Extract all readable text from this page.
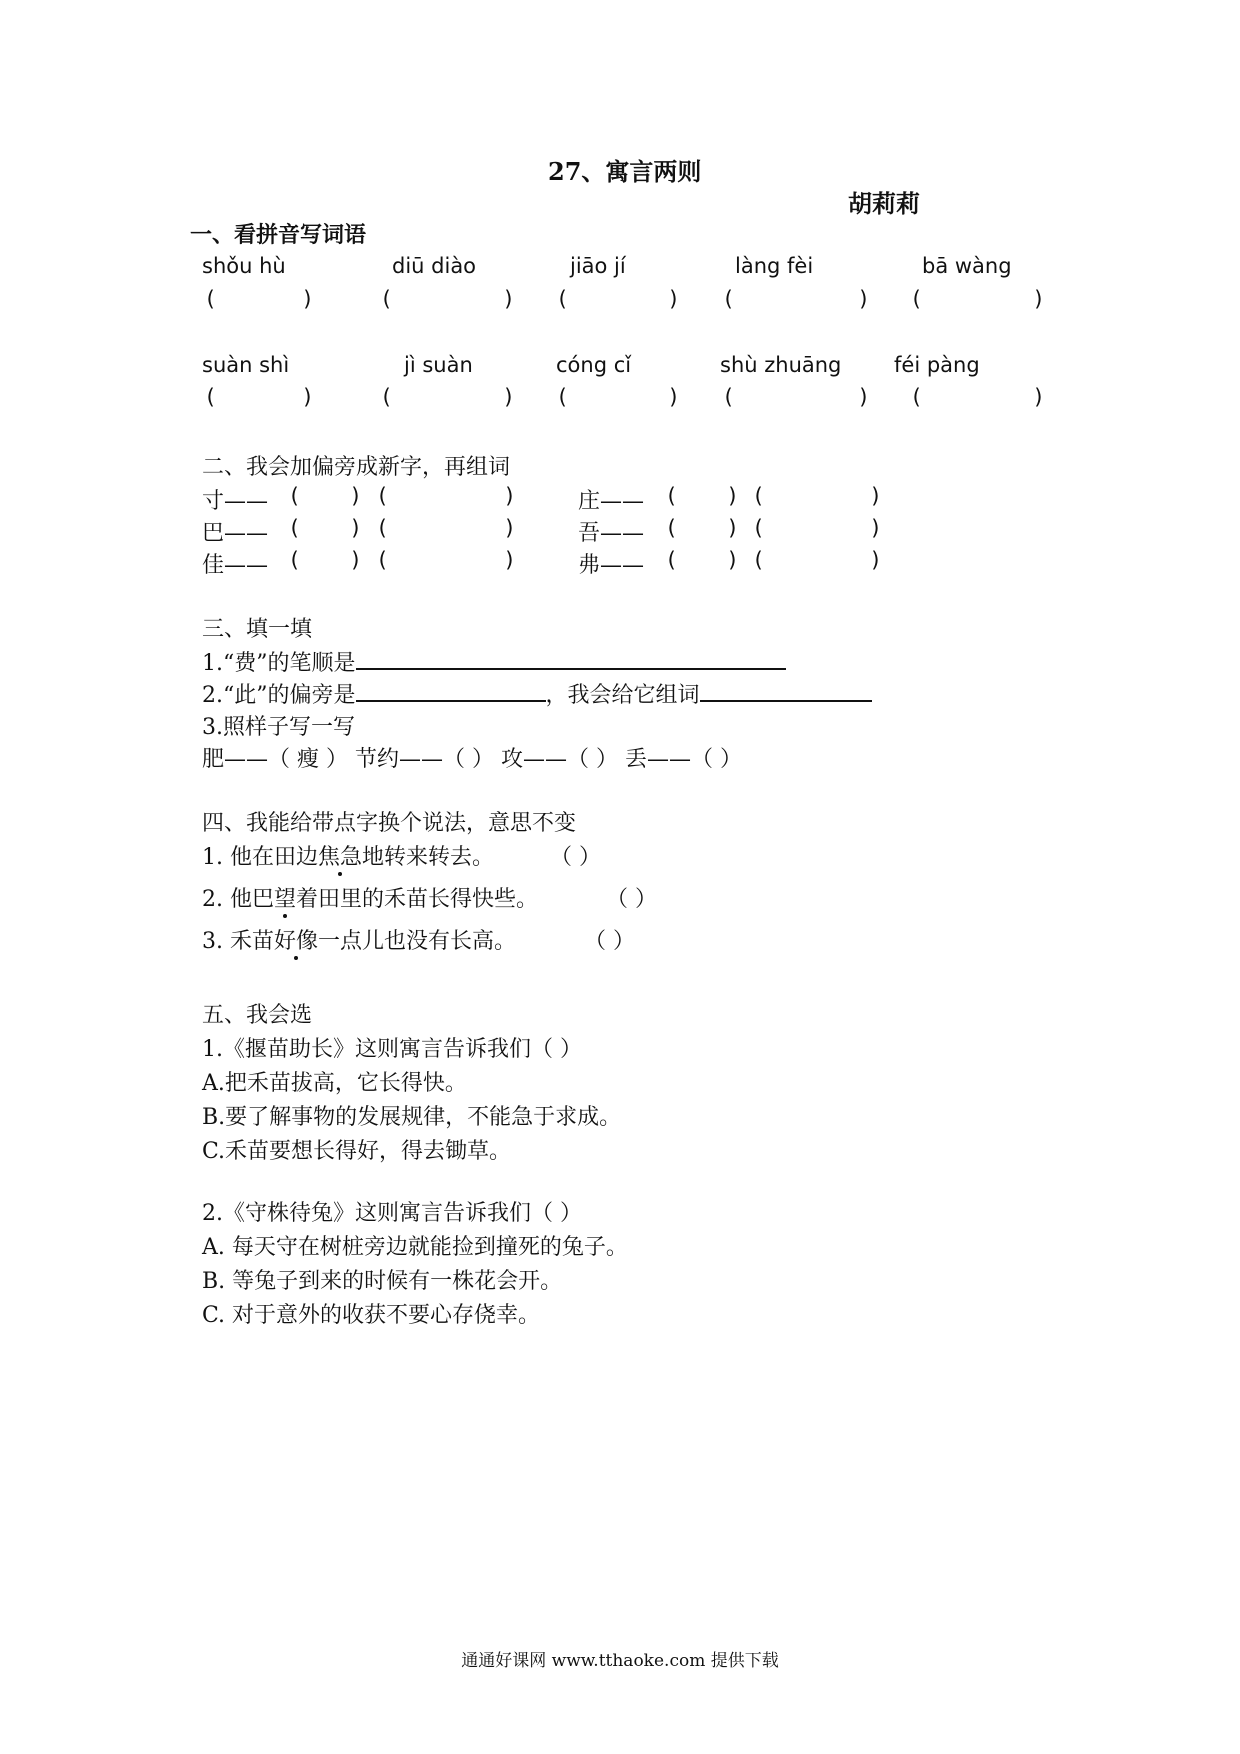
27、寓言两则
胡莉莉
一、看拼音写词语
shǒu hù	diū diào	jiāo jí	làng fèi	bā wàng
(	)	(	) (	) (	) (	)
suàn shì	jì suàn	cóng cǐ	shù zhuāng	féi pàng
(	)	(	) (	) (	) (	)
二、我会加偏旁成新字，再组词
寸—— ( ) (	)	庄—— ( ) (	)
巴—— ( ) (	)	吾—— ( ) (	)
佳—— ( ) (	)	弗—— ( ) (	)
三、填一填
1.“费”的笔顺是
2.“此”的偏旁是	，我会给它组词
3.照样子写一写
肥——（ 瘦 ） 节约——（ ） 攻——（ ） 丢——（ ）
四、我能给带点字换个说法，意思不变
1. 他在田边焦急地转来转去。	（ ）
2. 他巴望着田里的禾苗长得快些。	（ ）
3. 禾苗好像一点儿也没有长高。	（ ）
五、我会选
1.《揠苗助长》这则寓言告诉我们（ ）
A.把禾苗拔高，它长得快。
B.要了解事物的发展规律，不能急于求成。
C.禾苗要想长得好，得去锄草。
2.《守株待兔》这则寓言告诉我们（ ）
A. 每天守在树桩旁边就能捡到撞死的兔子。
B. 等兔子到来的时候有一株花会开。
C. 对于意外的收获不要心存侥幸。
通通好课网 www.tthaoke.com 提供下载
